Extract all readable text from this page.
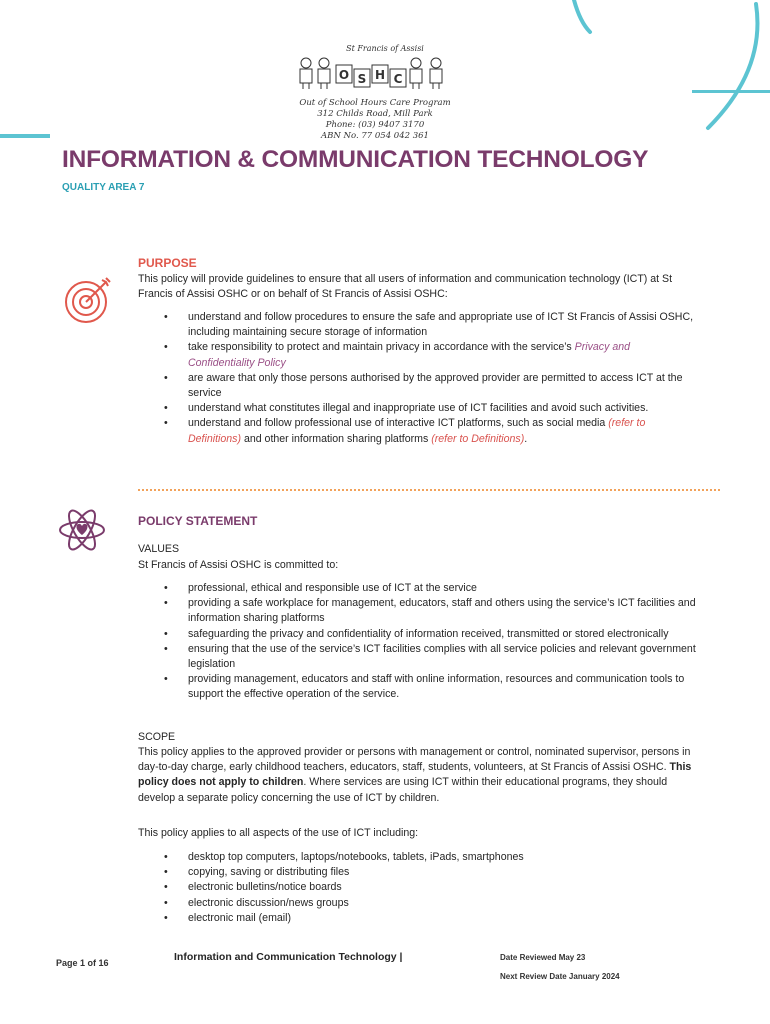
St Francis of Assisi
O S H C
Out of School Hours Care Program
312 Childs Road, Mill Park
Phone: (03) 9407 3170
ABN No. 77 054 042 361
INFORMATION & COMMUNICATION TECHNOLOGY
QUALITY AREA 7
PURPOSE
This policy will provide guidelines to ensure that all users of information and communication technology (ICT) at St Francis of Assisi OSHC or on behalf of St Francis of Assisi OSHC:
• understand and follow procedures to ensure the safe and appropriate use of ICT St Francis of Assisi OSHC, including maintaining secure storage of information
• take responsibility to protect and maintain privacy in accordance with the service’s Privacy and Confidentiality Policy
• are aware that only those persons authorised by the approved provider are permitted to access ICT at the service
• understand what constitutes illegal and inappropriate use of ICT facilities and avoid such activities.
• understand and follow professional use of interactive ICT platforms, such as social media (refer to Definitions) and other information sharing platforms (refer to Definitions).
POLICY STATEMENT
VALUES
St Francis of Assisi OSHC is committed to:
• professional, ethical and responsible use of ICT at the service
• providing a safe workplace for management, educators, staff and others using the service’s ICT facilities and information sharing platforms
• safeguarding the privacy and confidentiality of information received, transmitted or stored electronically
• ensuring that the use of the service’s ICT facilities complies with all service policies and relevant government legislation
• providing management, educators and staff with online information, resources and communication tools to support the effective operation of the service.
SCOPE
This policy applies to the approved provider or persons with management or control, nominated supervisor, persons in day-to-day charge, early childhood teachers, educators, staff, students, volunteers, at St Francis of Assisi OSHC. This policy does not apply to children. Where services are using ICT within their educational programs, they should develop a separate policy concerning the use of ICT by children.
This policy applies to all aspects of the use of ICT including:
• desktop top computers, laptops/notebooks, tablets, iPads, smartphones
• copying, saving or distributing files
• electronic bulletins/notice boards
• electronic discussion/news groups
• electronic mail (email)
Page 1 of 16	Information and Communication Technology |	Date Reviewed May 23
Next Review Date January 2024
